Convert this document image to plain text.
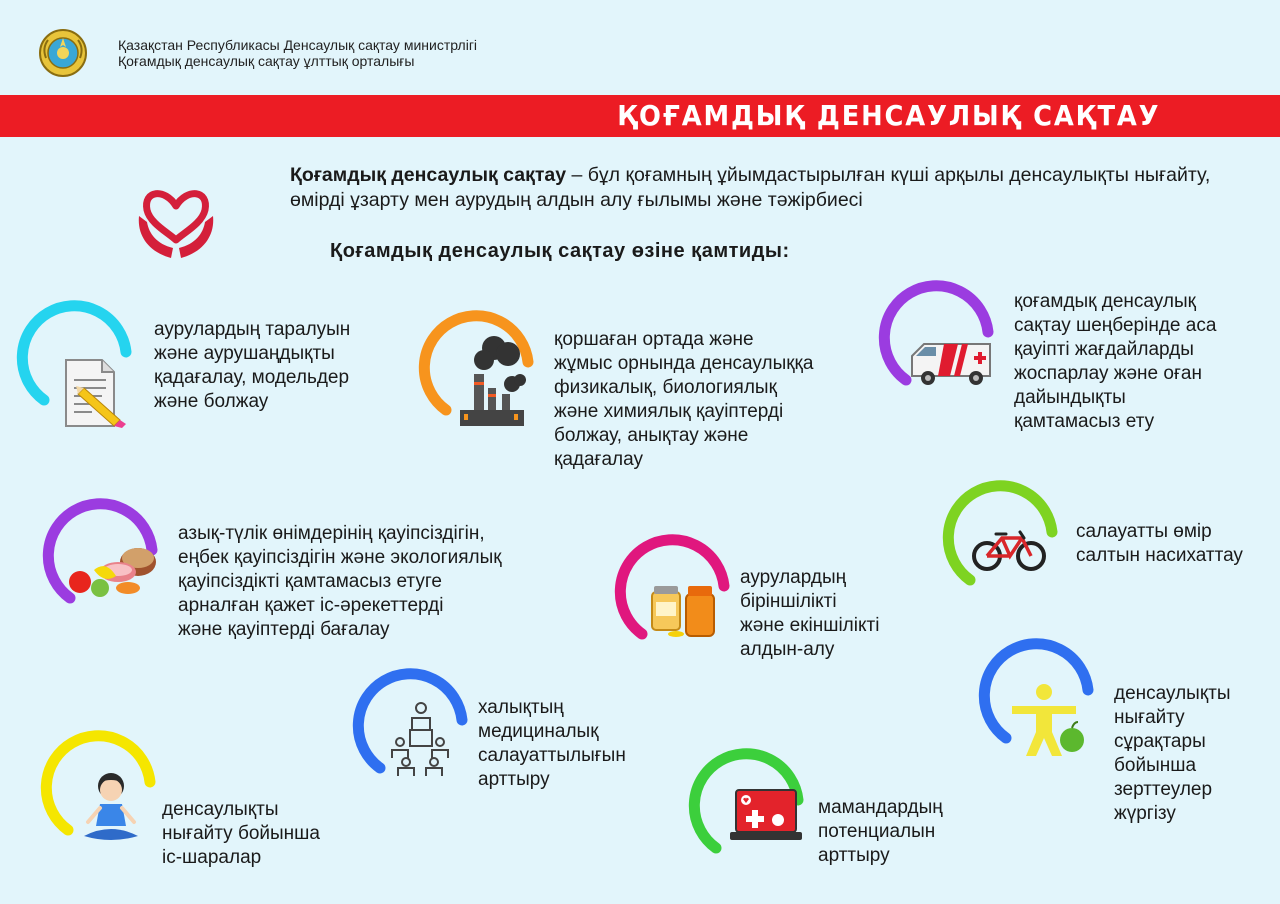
Қазақстан Республикасы Денсаулық сақтау министрлігі
Қоғамдық денсаулық сақтау ұлттық орталығы
ҚОҒАМДЫҚ ДЕНСАУЛЫҚ САҚТАУ
Қоғамдық денсаулық сақтау – бұл қоғамның ұйымдастырылған күші арқылы денсаулықты нығайту, өмірді ұзарту мен аурудың алдын алу ғылымы және тәжірбиесі
Қоғамдық денсаулық сақтау өзіне қамтиды:
аурулардың таралуын
және аурушаңдықты
қадағалау, модельдер
және болжау
қоршаған ортада және
жұмыс орнында денсаулыққа
физикалық, биологиялық
және химиялық қауіптерді
болжау, анықтау және
қадағалау
қоғамдық денсаулық
сақтау шеңберінде аса
қауіпті жағдайларды
жоспарлау және оған
дайындықты
қамтамасыз ету
азық-түлік өнімдерінің қауіпсіздігін,
еңбек қауіпсіздігін және экологиялық
қауіпсіздікті қамтамасыз етуге
арналған қажет іс-әрекеттерді
және қауіптерді бағалау
салауатты өмір
салтын насихаттау
аурулардың
біріншілікті
және екіншілікті
алдын-алу
халықтың
медициналық
салауаттылығын
арттыру
денсаулықты
нығайту
сұрақтары
бойынша
зерттеулер
жүргізу
денсаулықты
нығайту бойынша
іс-шаралар
мамандардың
потенциалын
арттыру
